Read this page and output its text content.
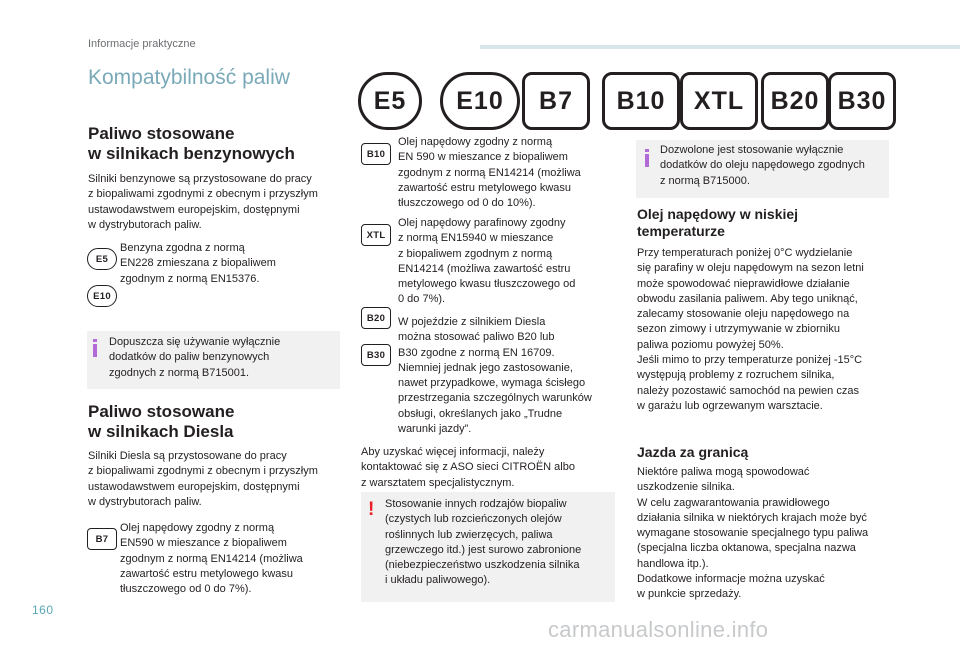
Informacje praktyczne
Kompatybilność paliw
E5	E10	B7	B10	XTL	B20 B30
Paliwo stosowane
w silnikach benzynowych
Silniki benzynowe są przystosowane do pracy
z biopaliwami zgodnymi z obecnym i przyszłym
ustawodawstwem europejskim, dostępnymi
w dystrybutorach paliw.
E5
E10
Benzyna zgodna z normą
EN228 zmieszana z biopaliwem
zgodnym z normą EN15376.
Dopuszcza się używanie wyłącznie
dodatków do paliw benzynowych
zgodnych z normą B715001.
Paliwo stosowane
w silnikach Diesla
Silniki Diesla są przystosowane do pracy
z biopaliwami zgodnymi z obecnym i przyszłym
ustawodawstwem europejskim, dostępnymi
w dystrybutorach paliw.
B7
Olej napędowy zgodny z normą
EN590 w mieszance z biopaliwem
zgodnym z normą EN14214 (możliwa
zawartość estru metylowego kwasu
tłuszczowego od 0 do 7%).
B10
Olej napędowy zgodny z normą
EN 590 w mieszance z biopaliwem
zgodnym z normą EN14214 (możliwa
zawartość estru metylowego kwasu
tłuszczowego od 0 do 10%).
XTL
Olej napędowy parafinowy zgodny
z normą EN15940 w mieszance
z biopaliwem zgodnym z normą
EN14214 (możliwa zawartość estru
metylowego kwasu tłuszczowego od
0 do 7%).
B20
B30
W pojeździe z silnikiem Diesla
można stosować paliwo B20 lub
B30 zgodne z normą EN 16709.
Niemniej jednak jego zastosowanie,
nawet przypadkowe, wymaga ścisłego
przestrzegania szczególnych warunków
obsługi, określanych jako „Trudne
warunki jazdy”.
Aby uzyskać więcej informacji, należy
kontaktować się z ASO sieci CITROËN albo
z warsztatem specjalistycznym.
! Stosowanie innych rodzajów biopaliw
(czystych lub rozcieńczonych olejów
roślinnych lub zwierzęcych, paliwa
grzewczego itd.) jest surowo zabronione
(niebezpieczeństwo uszkodzenia silnika
i układu paliwowego).
Dozwolone jest stosowanie wyłącznie
dodatków do oleju napędowego zgodnych
z normą B715000.
Olej napędowy w niskiej
temperaturze
Przy temperaturach poniżej 0°C wydzielanie
się parafiny w oleju napędowym na sezon letni
może spowodować nieprawidłowe działanie
obwodu zasilania paliwem. Aby tego uniknąć,
zalecamy stosowanie oleju napędowego na
sezon zimowy i utrzymywanie w zbiorniku
paliwa poziomu powyżej 50%.
Jeśli mimo to przy temperaturze poniżej -15°C
występują problemy z rozruchem silnika,
należy pozostawić samochód na pewien czas
w garażu lub ogrzewanym warsztacie.
Jazda za granicą
Niektóre paliwa mogą spowodować
uszkodzenie silnika.
W celu zagwarantowania prawidłowego
działania silnika w niektórych krajach może być
wymagane stosowanie specjalnego typu paliwa
(specjalna liczba oktanowa, specjalna nazwa
handlowa itp.).
Dodatkowe informacje można uzyskać
w punkcie sprzedaży.
160
carmanualsonline.info
